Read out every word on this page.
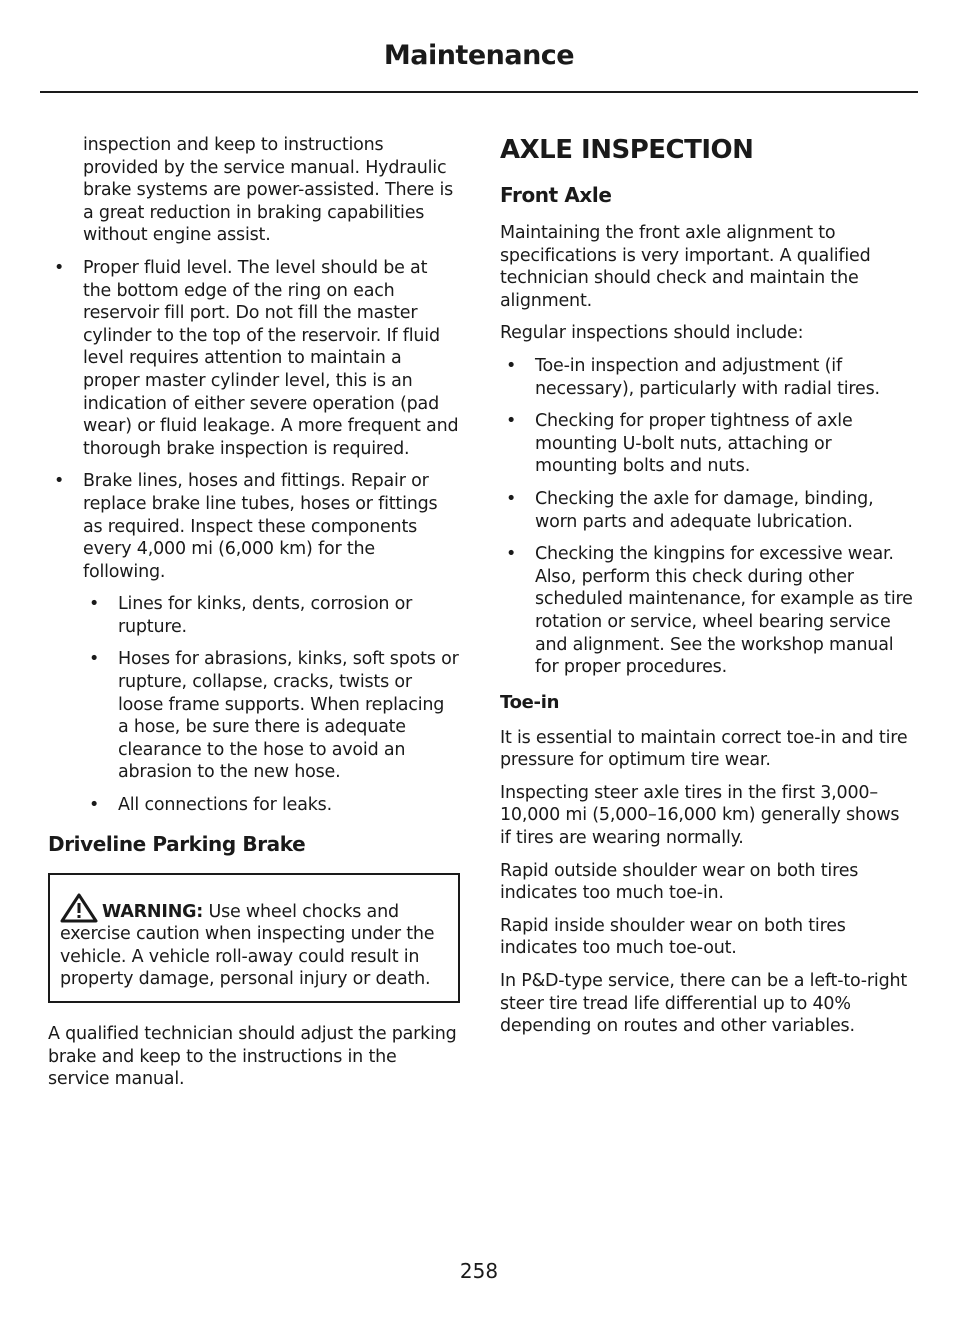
Maintenance

inspection and keep to instructions provided by the service manual. Hydraulic brake systems are power-assisted. There is a great reduction in braking capabilities without engine assist.

• Proper fluid level. The level should be at the bottom edge of the ring on each reservoir fill port. Do not fill the master cylinder to the top of the reservoir. If fluid level requires attention to maintain a proper master cylinder level, this is an indication of either severe operation (pad wear) or fluid leakage. A more frequent and thorough brake inspection is required.
• Brake lines, hoses and fittings. Repair or replace brake line tubes, hoses or fittings as required. Inspect these components every 4,000 mi (6,000 km) for the following.
• Lines for kinks, dents, corrosion or rupture.
• Hoses for abrasions, kinks, soft spots or rupture, collapse, cracks, twists or loose frame supports. When replacing a hose, be sure there is adequate clearance to the hose to avoid an abrasion to the new hose.
• All connections for leaks.
Driveline Parking Brake
WARNING: Use wheel chocks and exercise caution when inspecting under the vehicle. A vehicle roll-away could result in property damage, personal injury or death.

A qualified technician should adjust the parking brake and keep to the instructions in the service manual.

AXLE INSPECTION
Front Axle

Maintaining the front axle alignment to specifications is very important. A qualified technician should check and maintain the alignment.

Regular inspections should include:

• Toe-in inspection and adjustment (if necessary), particularly with radial tires.
• Checking for proper tightness of axle mounting U-bolt nuts, attaching or mounting bolts and nuts.
• Checking the axle for damage, binding, worn parts and adequate lubrication.
• Checking the kingpins for excessive wear. Also, perform this check during other scheduled maintenance, for example as tire rotation or service, wheel bearing service and alignment. See the workshop manual for proper procedures.
Toe-in

It is essential to maintain correct toe-in and tire pressure for optimum tire wear.

Inspecting steer axle tires in the first 3,000–10,000 mi (5,000–16,000 km) generally shows if tires are wearing normally.

Rapid outside shoulder wear on both tires indicates too much toe-in.

Rapid inside shoulder wear on both tires indicates too much toe-out.

In P&D-type service, there can be a left-to-right steer tire tread life differential up to 40% depending on routes and other variables.

258
